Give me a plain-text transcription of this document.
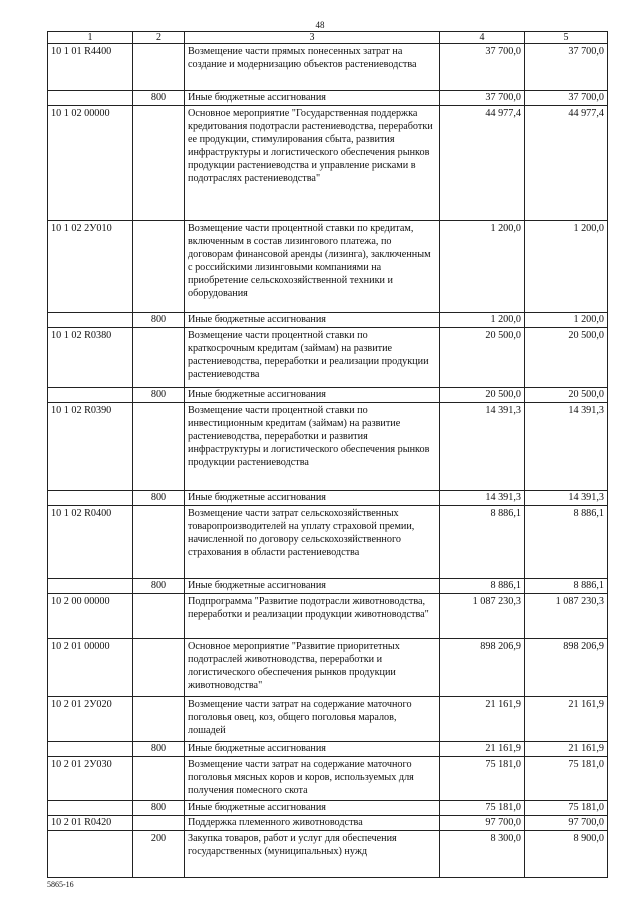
48
1	2	3	4	5
10 1 01 R4400		Возмещение части прямых понесенных затрат на создание и модернизацию объектов растениеводства	37 700,0	37 700,0
	800	Иные бюджетные ассигнования	37 700,0	37 700,0
10 1 02 00000		Основное мероприятие "Государственная поддержка кредитования подотрасли растениеводства, переработки ее продукции, стимулирования сбыта, развития инфраструктуры и логистического обеспечения рынков продукции растениеводства и управление рисками в подотраслях растениеводства"	44 977,4	44 977,4
10 1 02 2У010		Возмещение части процентной ставки по кредитам, включенным в состав лизингового платежа, по договорам финансовой аренды (лизинга), заключенным с российскими лизинговыми компаниями на приобретение сельскохозяйственной техники и оборудования	1 200,0	1 200,0
	800	Иные бюджетные ассигнования	1 200,0	1 200,0
10 1 02 R0380		Возмещение части процентной ставки по краткосрочным кредитам (займам) на развитие растениеводства, переработки и реализации продукции растениеводства	20 500,0	20 500,0
	800	Иные бюджетные ассигнования	20 500,0	20 500,0
10 1 02 R0390		Возмещение части процентной ставки по инвестиционным кредитам (займам) на развитие растениеводства, переработки и развития инфраструктуры и логистического обеспечения рынков продукции растениеводства	14 391,3	14 391,3
	800	Иные бюджетные ассигнования	14 391,3	14 391,3
10 1 02 R0400		Возмещение части затрат сельскохозяйственных товаропроизводителей на уплату страховой премии, начисленной по договору сельскохозяйственного страхования в области растениеводства	8 886,1	8 886,1
	800	Иные бюджетные ассигнования	8 886,1	8 886,1
10 2 00 00000		Подпрограмма "Развитие подотрасли животноводства, переработки и реализации продукции животноводства"	1 087 230,3	1 087 230,3
10 2 01 00000		Основное мероприятие "Развитие приоритетных подотраслей животноводства, переработки и логистического обеспечения рынков продукции животноводства"	898 206,9	898 206,9
10 2 01 2У020		Возмещение части затрат на содержание маточного поголовья овец, коз, общего поголовья маралов, лошадей	21 161,9	21 161,9
	800	Иные бюджетные ассигнования	21 161,9	21 161,9
10 2 01 2У030		Возмещение части затрат на содержание маточного поголовья мясных коров и коров, используемых для получения помесного скота	75 181,0	75 181,0
	800	Иные бюджетные ассигнования	75 181,0	75 181,0
10 2 01 R0420		Поддержка племенного животноводства	97 700,0	97 700,0
	200	Закупка товаров, работ и услуг для обеспечения государственных (муниципальных) нужд	8 300,0	8 900,0
5865-16
